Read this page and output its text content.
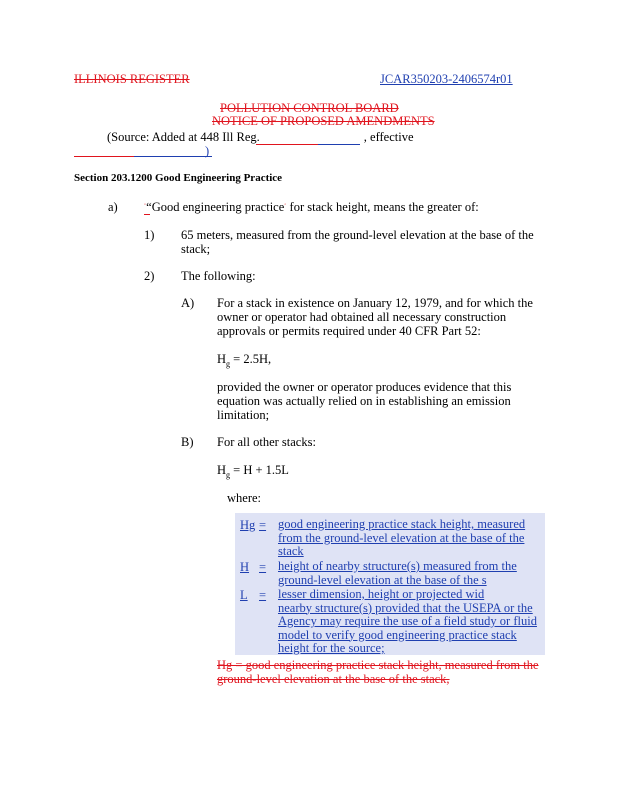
ILLINOIS REGISTER	JCAR350203-2406574r01
POLLUTION CONTROL BOARD
NOTICE OF PROPOSED AMENDMENTS
(Source: Added at 448 Ill Reg.	, effective
)
Section 203.1200 Good Engineering Practice
a)	◦“Good engineering practice◦ for stack height, means the greater of:
1) 65 meters, measured from the ground-level elevation at the base of the stack;
2) The following:
A) For a stack in existence on January 12, 1979, and for which the
owner or operator had obtained all necessary construction
approvals or permits required under 40 CFR Part 52:
$H_g = 2.5H$,
provided the owner or operator produces evidence that this
equation was actually relied on in establishing an emission
limitation;
B) For all other stacks:
$H_g = H + 1.5L$
where:
Hg = good engineering practice stack height, measured
from the ground-level elevation at the base of the
stack
H = height of nearby structure(s) measured from the
ground-level elevation at the base of the s
L = lesser dimension, height or projected wid
nearby structure(s) provided that the USEPA or the
Agency may require the use of a field study or fluid
model to verify good engineering practice stack
height for the source;
Hg = good engineering practice stack height, measured from the
ground-level elevation at the base of the stack,
